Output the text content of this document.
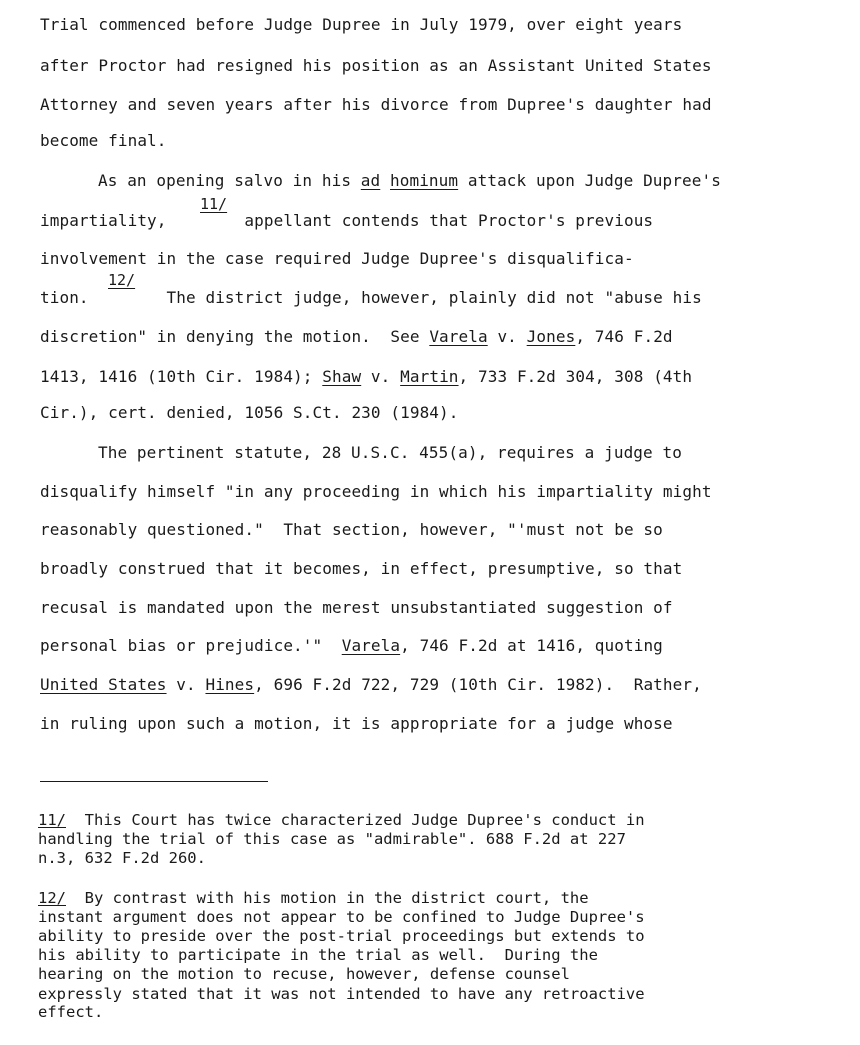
Trial commenced before Judge Dupree in July 1979, over eight years
after Proctor had resigned his position as an Assistant United States
Attorney and seven years after his divorce from Dupree's daughter had
become final.
As an opening salvo in his ad hominum attack upon Judge Dupree's
11/
impartiality,        appellant contends that Proctor's previous
involvement in the case required Judge Dupree's disqualifica-
12/
tion.        The district judge, however, plainly did not "abuse his
discretion" in denying the motion.  See Varela v. Jones, 746 F.2d
1413, 1416 (10th Cir. 1984); Shaw v. Martin, 733 F.2d 304, 308 (4th
Cir.), cert. denied, 1056 S.Ct. 230 (1984).
The pertinent statute, 28 U.S.C. 455(a), requires a judge to
disqualify himself "in any proceeding in which his impartiality might
reasonably questioned."  That section, however, "'must not be so
broadly construed that it becomes, in effect, presumptive, so that
recusal is mandated upon the merest unsubstantiated suggestion of
personal bias or prejudice.'"  Varela, 746 F.2d at 1416, quoting
United States v. Hines, 696 F.2d 722, 729 (10th Cir. 1982).  Rather,
in ruling upon such a motion, it is appropriate for a judge whose
11/  This Court has twice characterized Judge Dupree's conduct in
handling the trial of this case as "admirable". 688 F.2d at 227
n.3, 632 F.2d 260.
12/  By contrast with his motion in the district court, the
instant argument does not appear to be confined to Judge Dupree's
ability to preside over the post-trial proceedings but extends to
his ability to participate in the trial as well.  During the
hearing on the motion to recuse, however, defense counsel
expressly stated that it was not intended to have any retroactive
effect.
